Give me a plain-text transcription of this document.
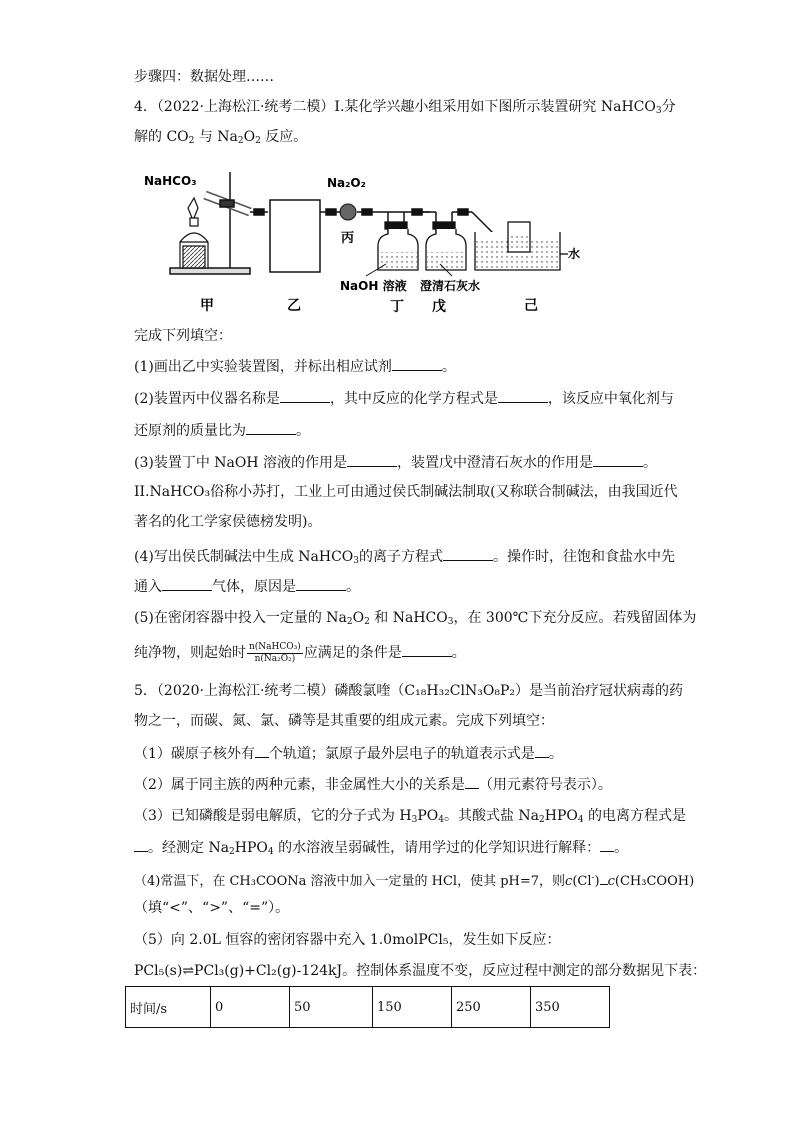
步骤四：数据处理……
4．（2022·上海松江·统考二模）I.某化学兴趣小组采用如下图所示装置研究 NaHCO$_3$分
解的 $CO_2$ 与 $Na_2O_2$ 反应。
NaHCO₃	Na₂O₂
丙
水
NaOH 溶液 澄清石灰水
甲	乙	丁 戊	己
完成下列填空：
(1)画出乙中实验装置图，并标出相应试剂	。
(2)装置丙中仪器名称是	，其中反应的化学方程式是	，该反应中氧化剂与
还原剂的质量比为	。
(3)装置丁中 NaOH 溶液的作用是	，装置戊中澄清石灰水的作用是	。
II.NaHCO₃俗称小苏打，工业上可由通过侯氏制碱法制取(又称联合制碱法，由我国近代
著名的化工学家侯德榜发明)。
(4)写出侯氏制碱法中生成 NaHCO$_3$的离子方程式	。操作时，往饱和食盐水中先
通入	气体，原因是	。
(5)在密闭容器中投入一定量的 $Na_2O_2$ 和 NaHCO$_3$，在 300℃下充分反应。若残留固体为
纯净物，则起始时 $\frac{\text{n(NaHCO₃)}}{\text{n(Na₂O₂)}}$ 应满足的条件是	。
5．（2020·上海松江·统考二模）磷酸氯喹（C₁₈H₃₂ClN₃O₈P₂）是当前治疗冠状病毒的药
物之一，而碳、氮、氯、磷等是其重要的组成元素。完成下列填空：
（1）碳原子核外有 个轨道；氯原子最外层电子的轨道表示式是 。
（2）属于同主族的两种元素，非金属性大小的关系是 （用元素符号表示）。
（3）已知磷酸是弱电解质，它的分子式为 $H_3PO_4$。其酸式盐 $Na_2HPO_4$ 的电离方程式是
。经测定 $Na_2HPO_4$ 的水溶液呈弱碱性，请用学过的化学知识进行解释： 。
（4)常温下，在 CH₃COONa 溶液中加入一定量的 HCl，使其 pH=7，则c(Cl-) c(CH₃COOH)
（填“<”、“>”、“=”）。
（5）向 2.0L 恒容的密闭容器中充入 1.0molPCl₅，发生如下反应：
PCl₅(s)⇌PCl₃(g)+Cl₂(g)-124kJ。控制体系温度不变，反应过程中测定的部分数据见下表：
时间/s	0	50	150	250	350
